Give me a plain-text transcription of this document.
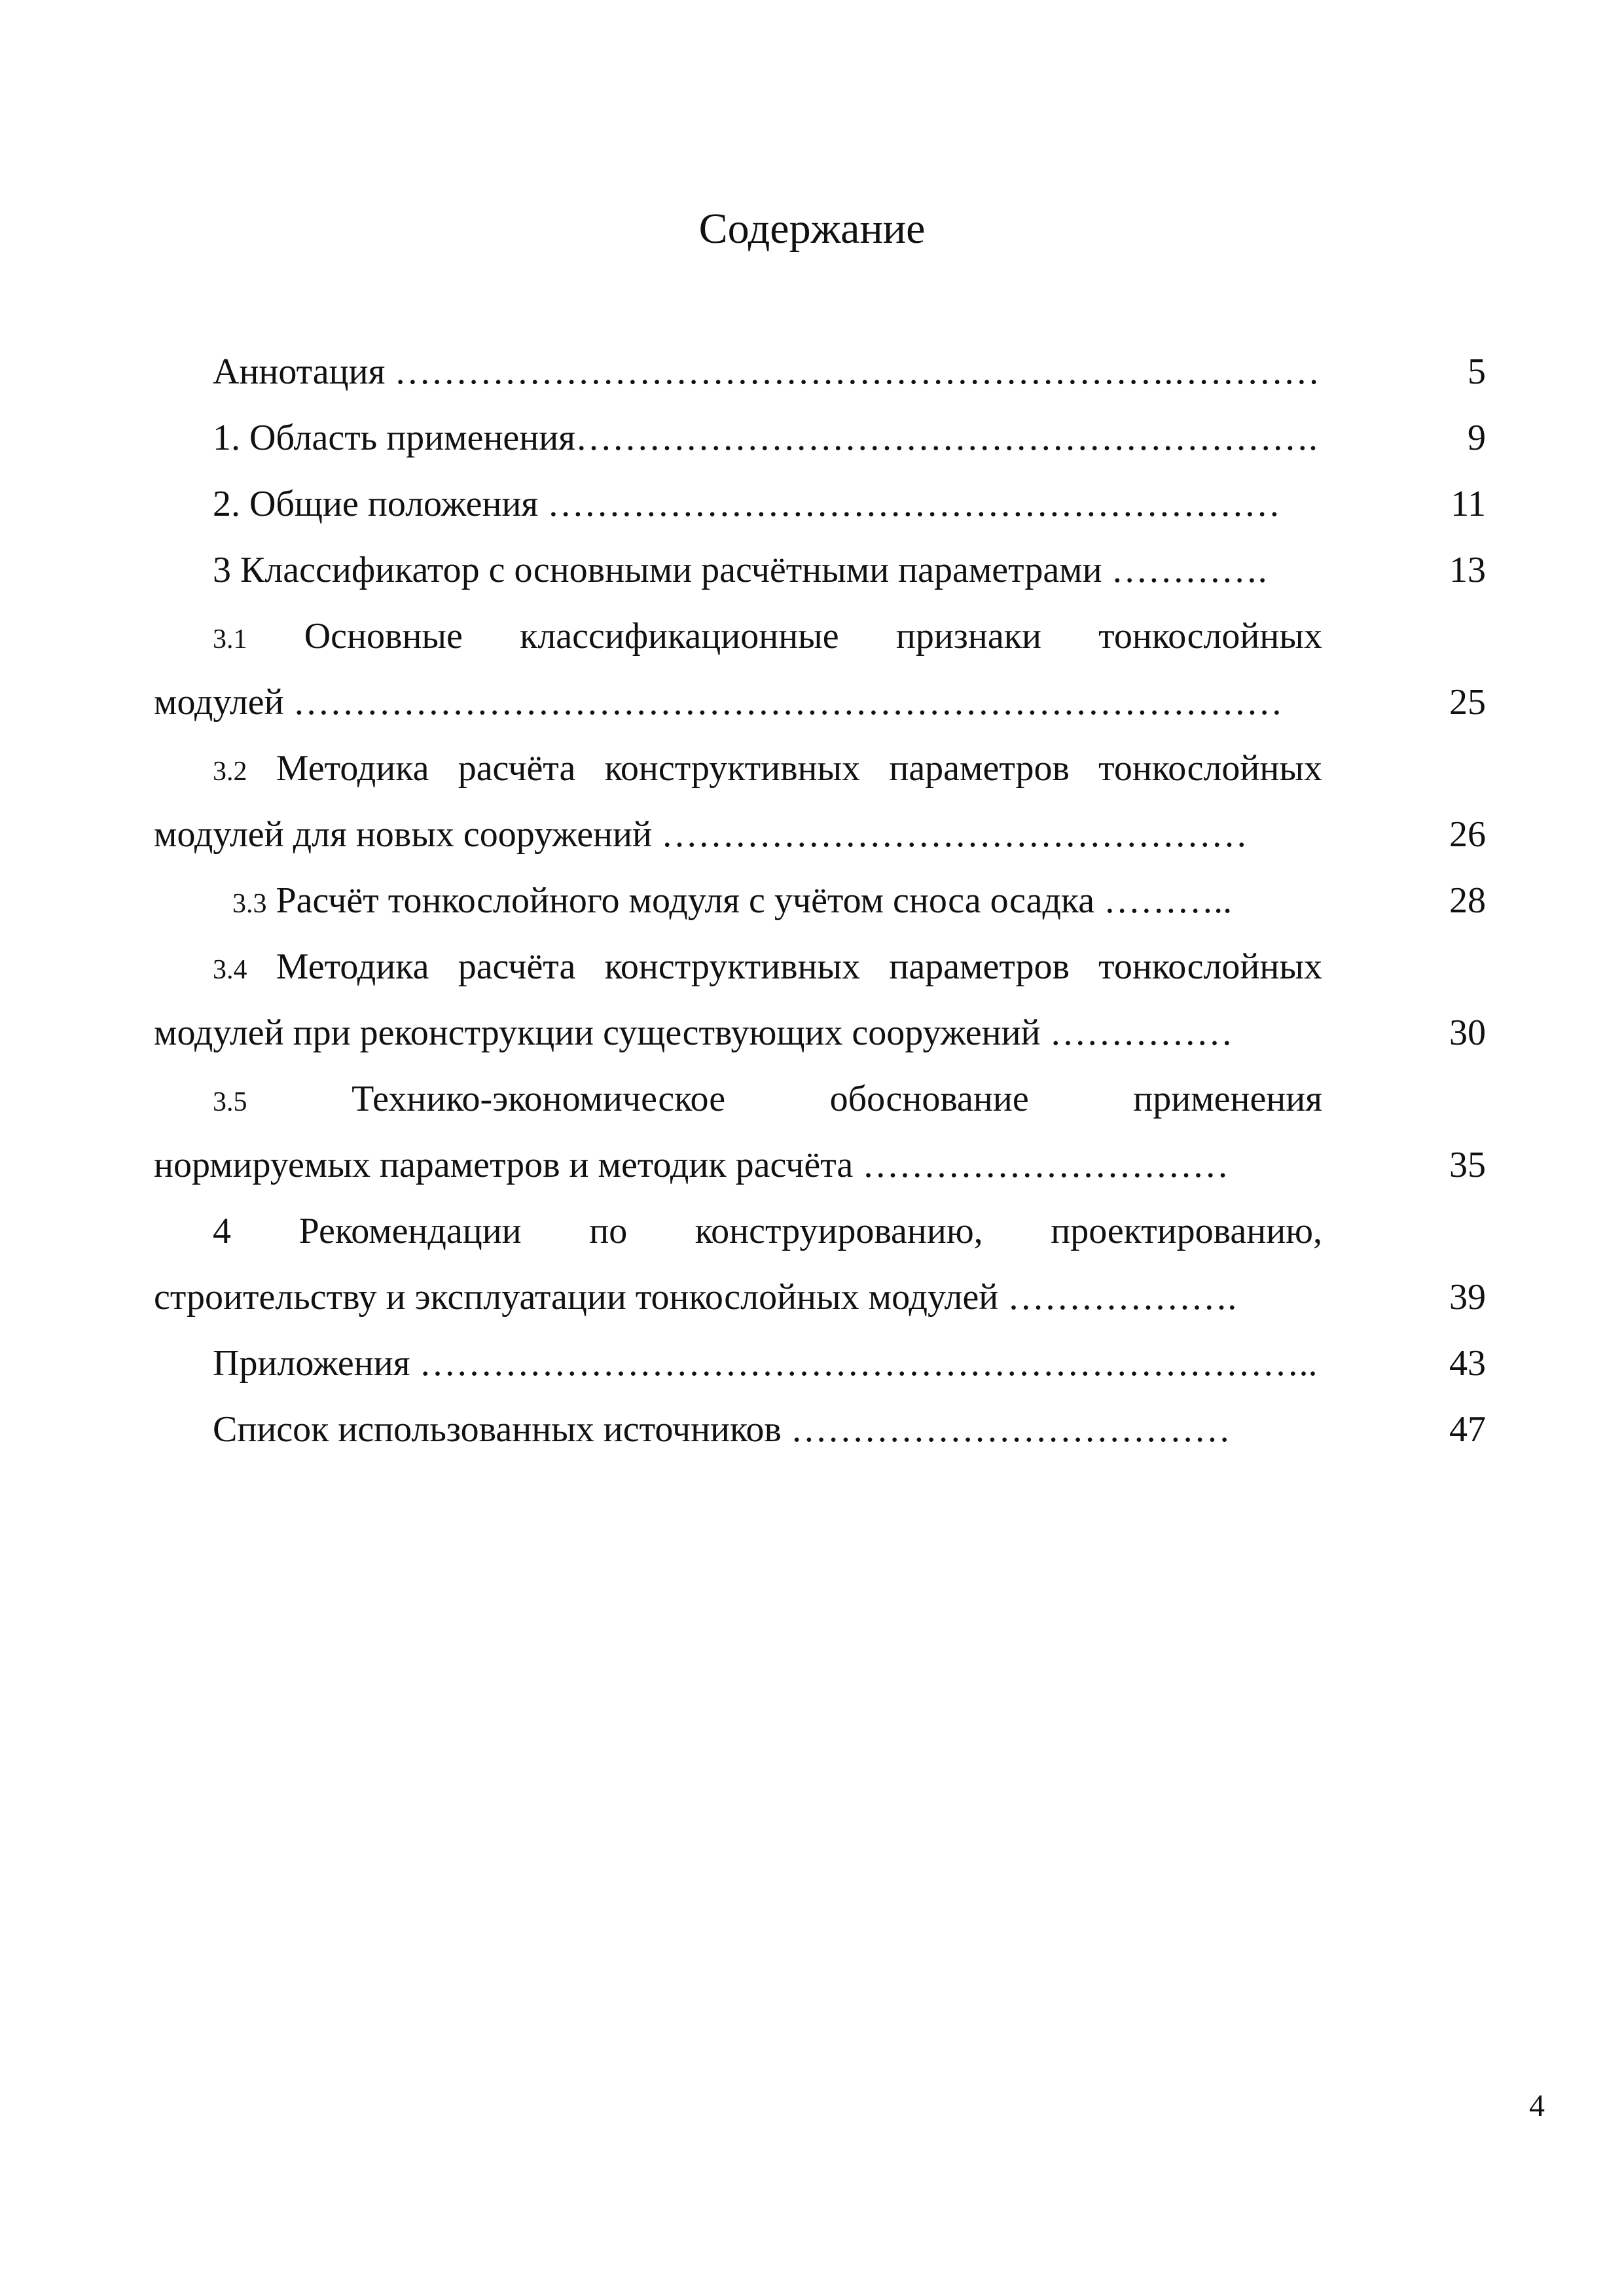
Содержание
Аннотация ……………………………………………………….…………	5
1. Область применения…………………………………………………….	9
2. Общие положения ……………………………………………………	11
3 Классификатор с основными расчётными параметрами ………….	13
3.1 Основные классификационные признаки тонкослойных
модулей ………………………………………………………………………	25
3.2 Методика расчёта конструктивных параметров тонкослойных
модулей для новых сооружений …………………………………………	26
3.3 Расчёт тонкослойного модуля с учётом сноса осадка ………..	28
3.4 Методика расчёта конструктивных параметров тонкослойных
модулей при реконструкции существующих сооружений ……………	30
3.5	Технико-экономическое обоснование применения
нормируемых параметров и методик расчёта …………………………	35
4 Рекомендации по конструированию, проектированию,
строительству и эксплуатации тонкослойных модулей ……………….	39
Приложения ………………………………………………………………..	43
Список использованных источников ………………………………	47
4
